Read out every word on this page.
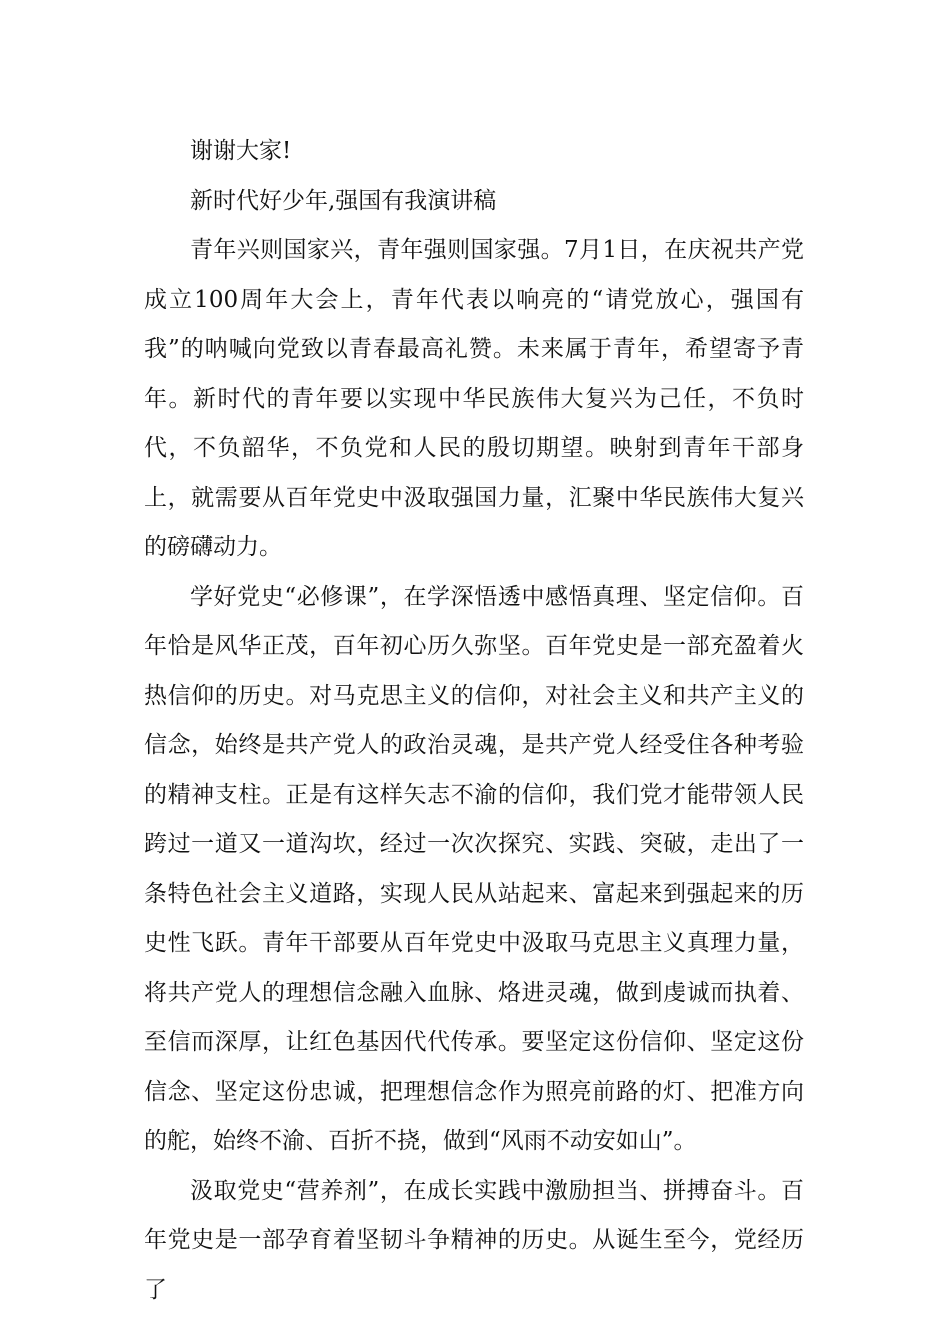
谢谢大家!

新时代好少年,强国有我演讲稿

青年兴则国家兴，青年强则国家强。7月1日，在庆祝共产党成立100周年大会上，青年代表以响亮的“请党放心，强国有我”的呐喊向党致以青春最高礼赞。未来属于青年，希望寄予青年。新时代的青年要以实现中华民族伟大复兴为己任，不负时代，不负韶华，不负党和人民的殷切期望。映射到青年干部身上，就需要从百年党史中汲取强国力量，汇聚中华民族伟大复兴的磅礴动力。

学好党史“必修课”，在学深悟透中感悟真理、坚定信仰。百年恰是风华正茂，百年初心历久弥坚。百年党史是一部充盈着火热信仰的历史。对马克思主义的信仰，对社会主义和共产主义的信念，始终是共产党人的政治灵魂，是共产党人经受住各种考验的精神支柱。正是有这样矢志不渝的信仰，我们党才能带领人民跨过一道又一道沟坎，经过一次次探究、实践、突破，走出了一条特色社会主义道路，实现人民从站起来、富起来到强起来的历史性飞跃。青年干部要从百年党史中汲取马克思主义真理力量，将共产党人的理想信念融入血脉、烙进灵魂，做到虔诚而执着、至信而深厚，让红色基因代代传承。要坚定这份信仰、坚定这份信念、坚定这份忠诚，把理想信念作为照亮前路的灯、把准方向的舵，始终不渝、百折不挠，做到“风雨不动安如山”。

汲取党史“营养剂”，在成长实践中激励担当、拼搏奋斗。百年党史是一部孕育着坚韧斗争精神的历史。从诞生至今，党经历了
